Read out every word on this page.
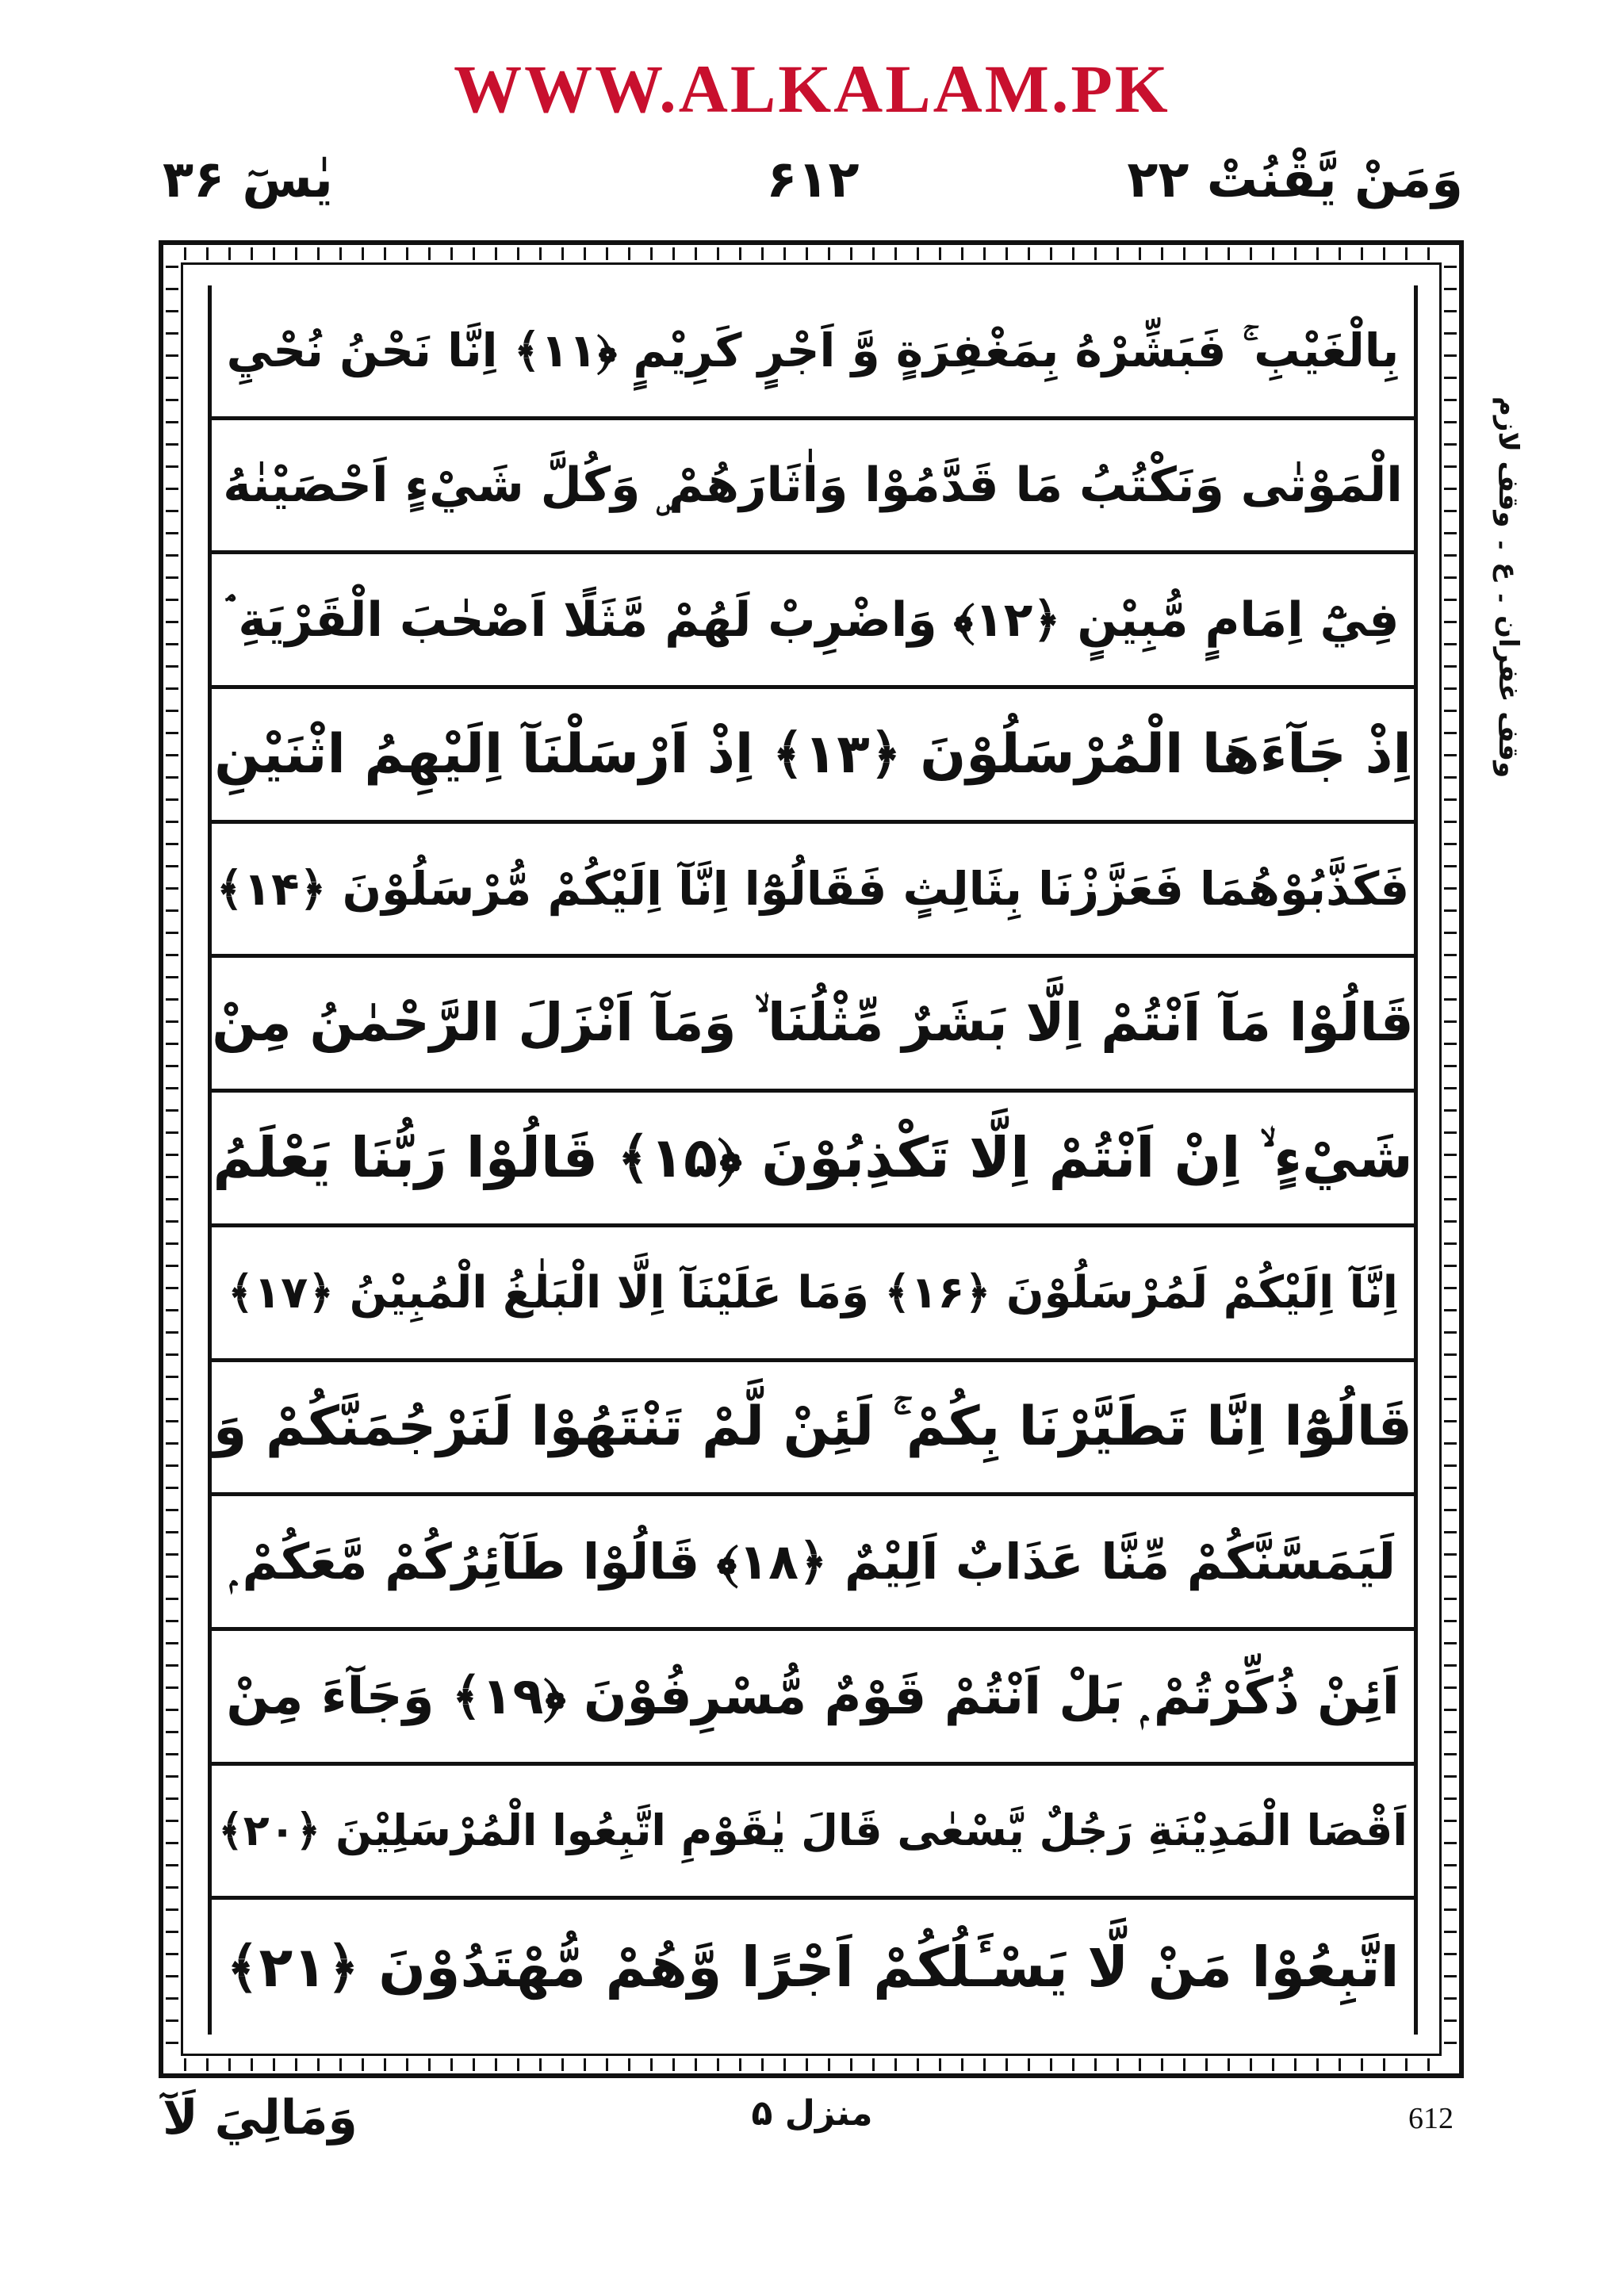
WWW.ALKALAM.PK
یٰسٓ ۳۶	۶۱۲	وَمَنْ يَّقْنُتْ ۲۲
بِالْغَيْبِ ۚ فَبَشِّرْهُ بِمَغْفِرَةٍ وَّ اَجْرٍ كَرِيْمٍ ﴿۱۱﴾ اِنَّا نَحْنُ نُحْيِ
الْمَوْتٰى وَنَكْتُبُ مَا قَدَّمُوْا وَاٰثَارَهُمْ ۣ وَكُلَّ شَيْءٍ اَحْصَيْنٰهُ
فِيْٓ اِمَامٍ مُّبِيْنٍ ﴿۱۲﴾ وَاضْرِبْ لَهُمْ مَّثَلًا اَصْحٰبَ الْقَرْيَةِ ۘ
اِذْ جَآءَهَا الْمُرْسَلُوْنَ ﴿۱۳﴾ اِذْ اَرْسَلْنَآ اِلَيْهِمُ اثْنَيْنِ
فَكَذَّبُوْهُمَا فَعَزَّزْنَا بِثَالِثٍ فَقَالُوْٓا اِنَّآ اِلَيْكُمْ مُّرْسَلُوْنَ ﴿۱۴﴾
قَالُوْا مَآ اَنْتُمْ اِلَّا بَشَرٌ مِّثْلُنَا ۙ وَمَآ اَنْزَلَ الرَّحْمٰنُ مِنْ
شَيْءٍ ۙ اِنْ اَنْتُمْ اِلَّا تَكْذِبُوْنَ ﴿۱۵﴾ قَالُوْا رَبُّنَا يَعْلَمُ
اِنَّآ اِلَيْكُمْ لَمُرْسَلُوْنَ ﴿۱۶﴾ وَمَا عَلَيْنَآ اِلَّا الْبَلٰغُ الْمُبِيْنُ ﴿۱۷﴾
قَالُوْٓا اِنَّا تَطَيَّرْنَا بِكُمْ ۚ لَئِنْ لَّمْ تَنْتَهُوْا لَنَرْجُمَنَّكُمْ وَ
لَيَمَسَّنَّكُمْ مِّنَّا عَذَابٌ اَلِيْمٌ ﴿۱۸﴾ قَالُوْا طَآئِرُكُمْ مَّعَكُمْ ۭ
اَئِنْ ذُكِّرْتُمْ ۭ بَلْ اَنْتُمْ قَوْمٌ مُّسْرِفُوْنَ ﴿۱۹﴾ وَجَآءَ مِنْ
اَقْصَا الْمَدِيْنَةِ رَجُلٌ يَّسْعٰى قَالَ يٰقَوْمِ اتَّبِعُوا الْمُرْسَلِيْنَ ﴿۲۰﴾
اتَّبِعُوْا مَنْ لَّا يَسْـَٔلُكُمْ اَجْرًا وَّهُمْ مُّهْتَدُوْنَ ﴿۲۱﴾
وقف غفران ۔ ع ۔ وقف لازم
وَمَالِيَ لَآ	منزل ۵	612
